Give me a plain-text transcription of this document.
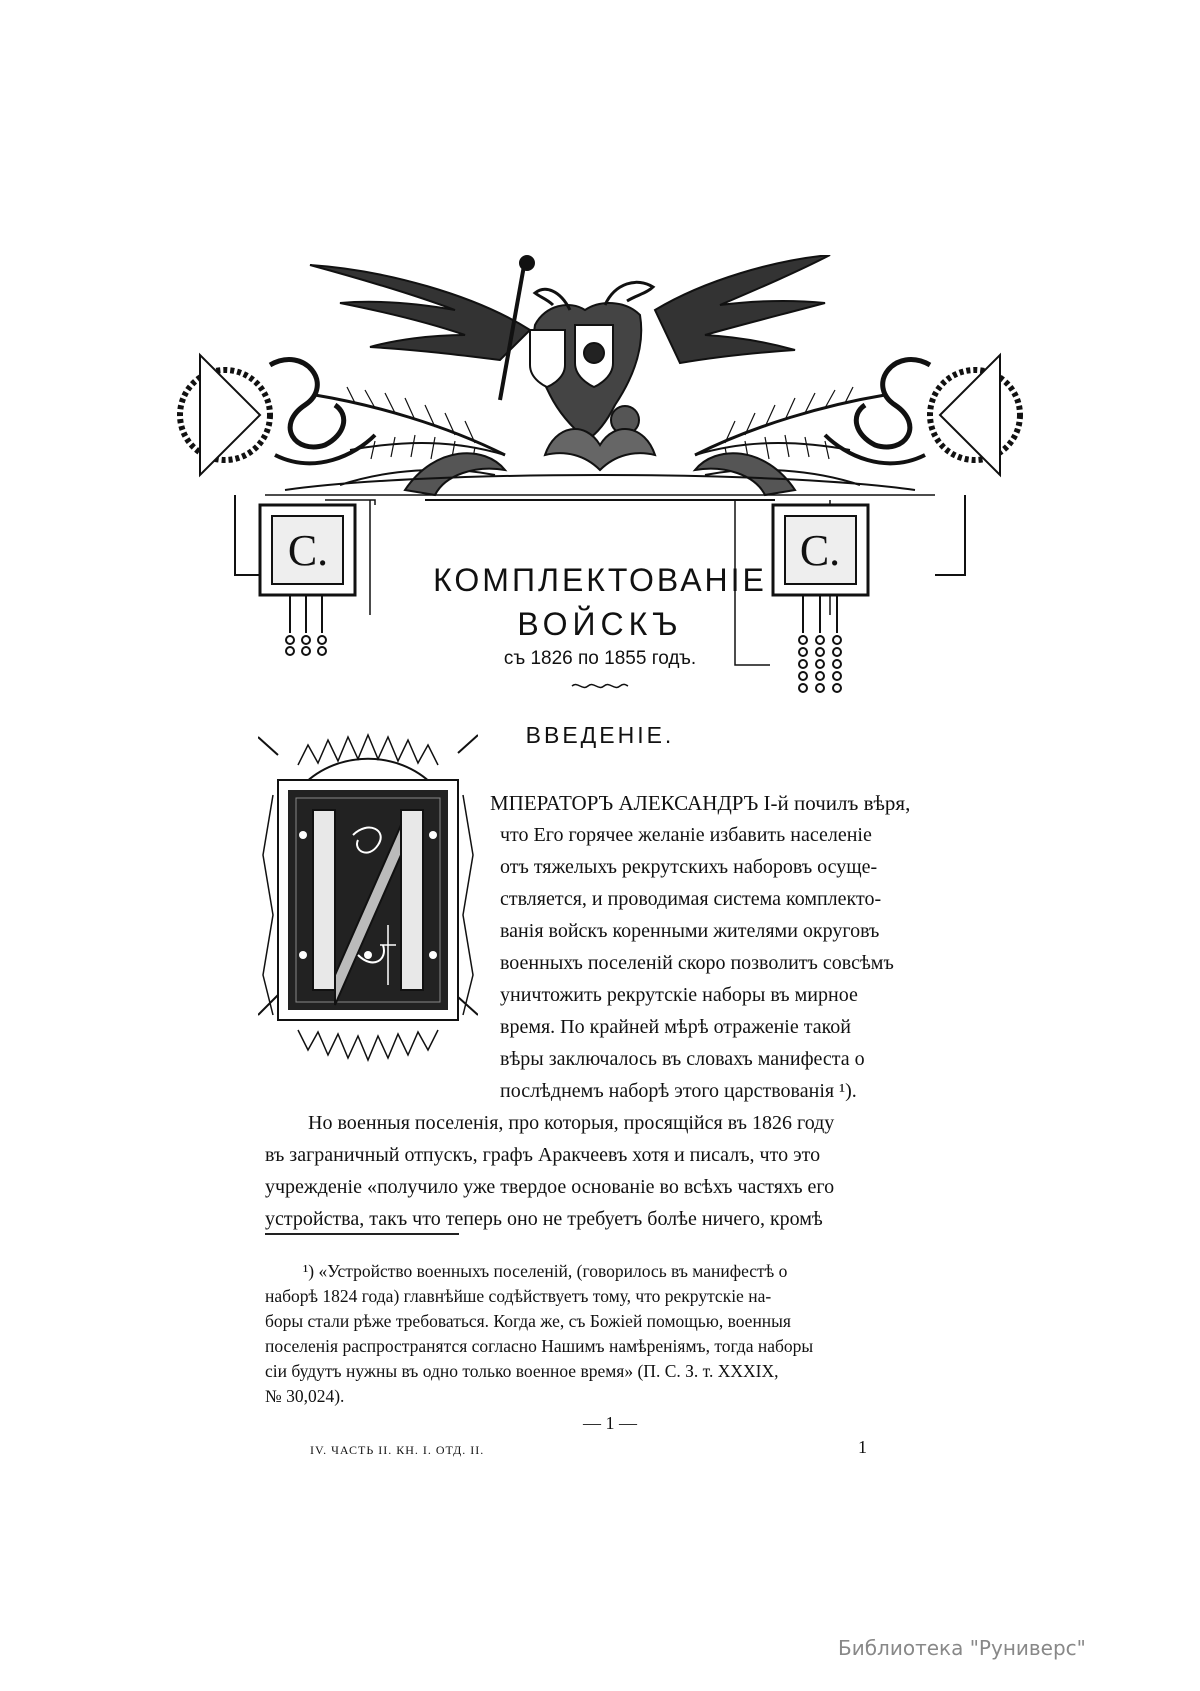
С.	С.
КОМПЛЕКТОВАНІЕ
ВОЙСКЪ
съ 1826 по 1855 годъ.
ВВЕДЕНІЕ.
МПЕРАТОРЪ АЛЕКСАНДРЪ I-й почилъ вѣря,
что Его горячее желаніе избавить населеніе
отъ тяжелыхъ рекрутскихъ наборовъ осуще-
ствляется, и проводимая система комплекто-
ванія войскъ коренными жителями округовъ
военныхъ поселеній скоро позволитъ совсѣмъ
уничтожить рекрутскіе наборы въ мирное
время. По крайней мѣрѣ отраженіе такой
вѣры заключалось въ словахъ манифеста о
послѣднемъ наборѣ этого царствованія ¹).
Но военныя поселенія, про которыя, просящійся въ 1826 году
въ заграничный отпускъ, графъ Аракчеевъ хотя и писалъ, что это
учрежденіе «получило уже твердое основаніе во всѣхъ частяхъ его
устройства, такъ что теперь оно не требуетъ болѣе ничего, кромѣ
¹) «Устройство военныхъ поселеній, (говорилось въ манифестѣ о
наборѣ 1824 года) главнѣйше содѣйствуетъ тому, что рекрутскіе на-
боры стали рѣже требоваться. Когда же, съ Божіей помощью, военныя
поселенія распространятся согласно Нашимъ намѣреніямъ, тогда наборы
сіи будутъ нужны въ одно только военное время» (П. С. З. т. XXXIX,
№ 30,024).
— 1 —
IV. ЧАСТЬ II. КН. I. ОТД. II.	1
Библиотека "Руниверс"
